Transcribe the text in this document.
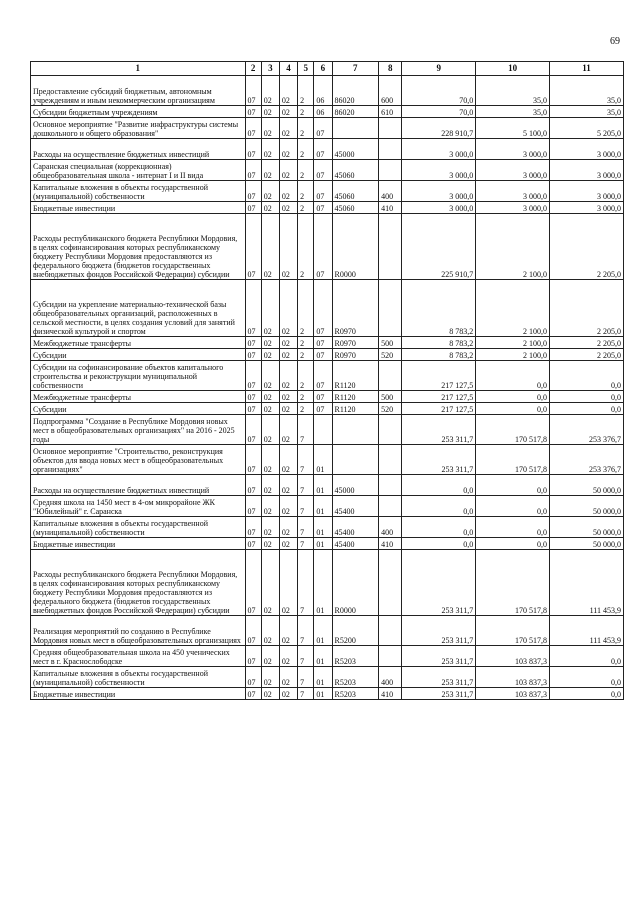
69
1	2	3	4	5	6	7	8	9	10	11
Предоставление субсидий бюджетным, автономным учреждениям и иным некоммерческим организациям	07	02	02	2	06	86020	600	70,0	35,0	35,0
Субсидии бюджетным учреждениям	07	02	02	2	06	86020	610	70,0	35,0	35,0
Основное мероприятие "Развитие инфраструктуры системы дошкольного и общего образования"	07	02	02	2	07			228 910,7	5 100,0	5 205,0
Расходы на осуществление бюджетных инвестиций	07	02	02	2	07	45000		3 000,0	3 000,0	3 000,0
Саранская специальная (коррекционная) общеобразовательная школа - интернат I и II вида	07	02	02	2	07	45060		3 000,0	3 000,0	3 000,0
Капитальные вложения в объекты государственной (муниципальной) собственности	07	02	02	2	07	45060	400	3 000,0	3 000,0	3 000,0
Бюджетные инвестиции	07	02	02	2	07	45060	410	3 000,0	3 000,0	3 000,0
Расходы республиканского бюджета Республики Мордовия, в целях софинансирования которых республиканскому бюджету Республики Мордовия предоставляются из федерального бюджета (бюджетов государственных внебюджетных фондов Российской Федерации) субсидии	07	02	02	2	07	R0000		225 910,7	2 100,0	2 205,0
Субсидии на укрепление материально-технической базы общеобразовательных организаций, расположенных в сельской местности, в целях создания условий для занятий физической культурой и спортом	07	02	02	2	07	R0970		8 783,2	2 100,0	2 205,0
Межбюджетные трансферты	07	02	02	2	07	R0970	500	8 783,2	2 100,0	2 205,0
Субсидии	07	02	02	2	07	R0970	520	8 783,2	2 100,0	2 205,0
Субсидии на софинансирование объектов капитального строительства и реконструкции муниципальной собственности	07	02	02	2	07	R1120		217 127,5	0,0	0,0
Межбюджетные трансферты	07	02	02	2	07	R1120	500	217 127,5	0,0	0,0
Субсидии	07	02	02	2	07	R1120	520	217 127,5	0,0	0,0
Подпрограмма "Создание в Республике Мордовия новых мест в общеобразовательных организациях" на 2016 - 2025 годы	07	02	02	7				253 311,7	170 517,8	253 376,7
Основное мероприятие "Строительство, реконструкция объектов для ввода новых мест в общеобразовательных организациях"	07	02	02	7	01			253 311,7	170 517,8	253 376,7
Расходы на осуществление бюджетных инвестиций	07	02	02	7	01	45000		0,0	0,0	50 000,0
Средняя школа на 1450 мест в 4-ом микрорайоне ЖК "Юбилейный" г. Саранска	07	02	02	7	01	45400		0,0	0,0	50 000,0
Капитальные вложения в объекты государственной (муниципальной) собственности	07	02	02	7	01	45400	400	0,0	0,0	50 000,0
Бюджетные инвестиции	07	02	02	7	01	45400	410	0,0	0,0	50 000,0
Расходы республиканского бюджета Республики Мордовия, в целях софинансирования которых республиканскому бюджету Республики Мордовия предоставляются из федерального бюджета (бюджетов государственных внебюджетных фондов Российской Федерации) субсидии	07	02	02	7	01	R0000		253 311,7	170 517,8	111 453,9
Реализация мероприятий по созданию в Республике Мордовия новых мест в общеобразовательных организациях	07	02	02	7	01	R5200		253 311,7	170 517,8	111 453,9
Средняя общеобразовательная школа на 450 ученических мест в г. Краснослободске	07	02	02	7	01	R5203		253 311,7	103 837,3	0,0
Капитальные вложения в объекты государственной (муниципальной) собственности	07	02	02	7	01	R5203	400	253 311,7	103 837,3	0,0
Бюджетные инвестиции	07	02	02	7	01	R5203	410	253 311,7	103 837,3	0,0
